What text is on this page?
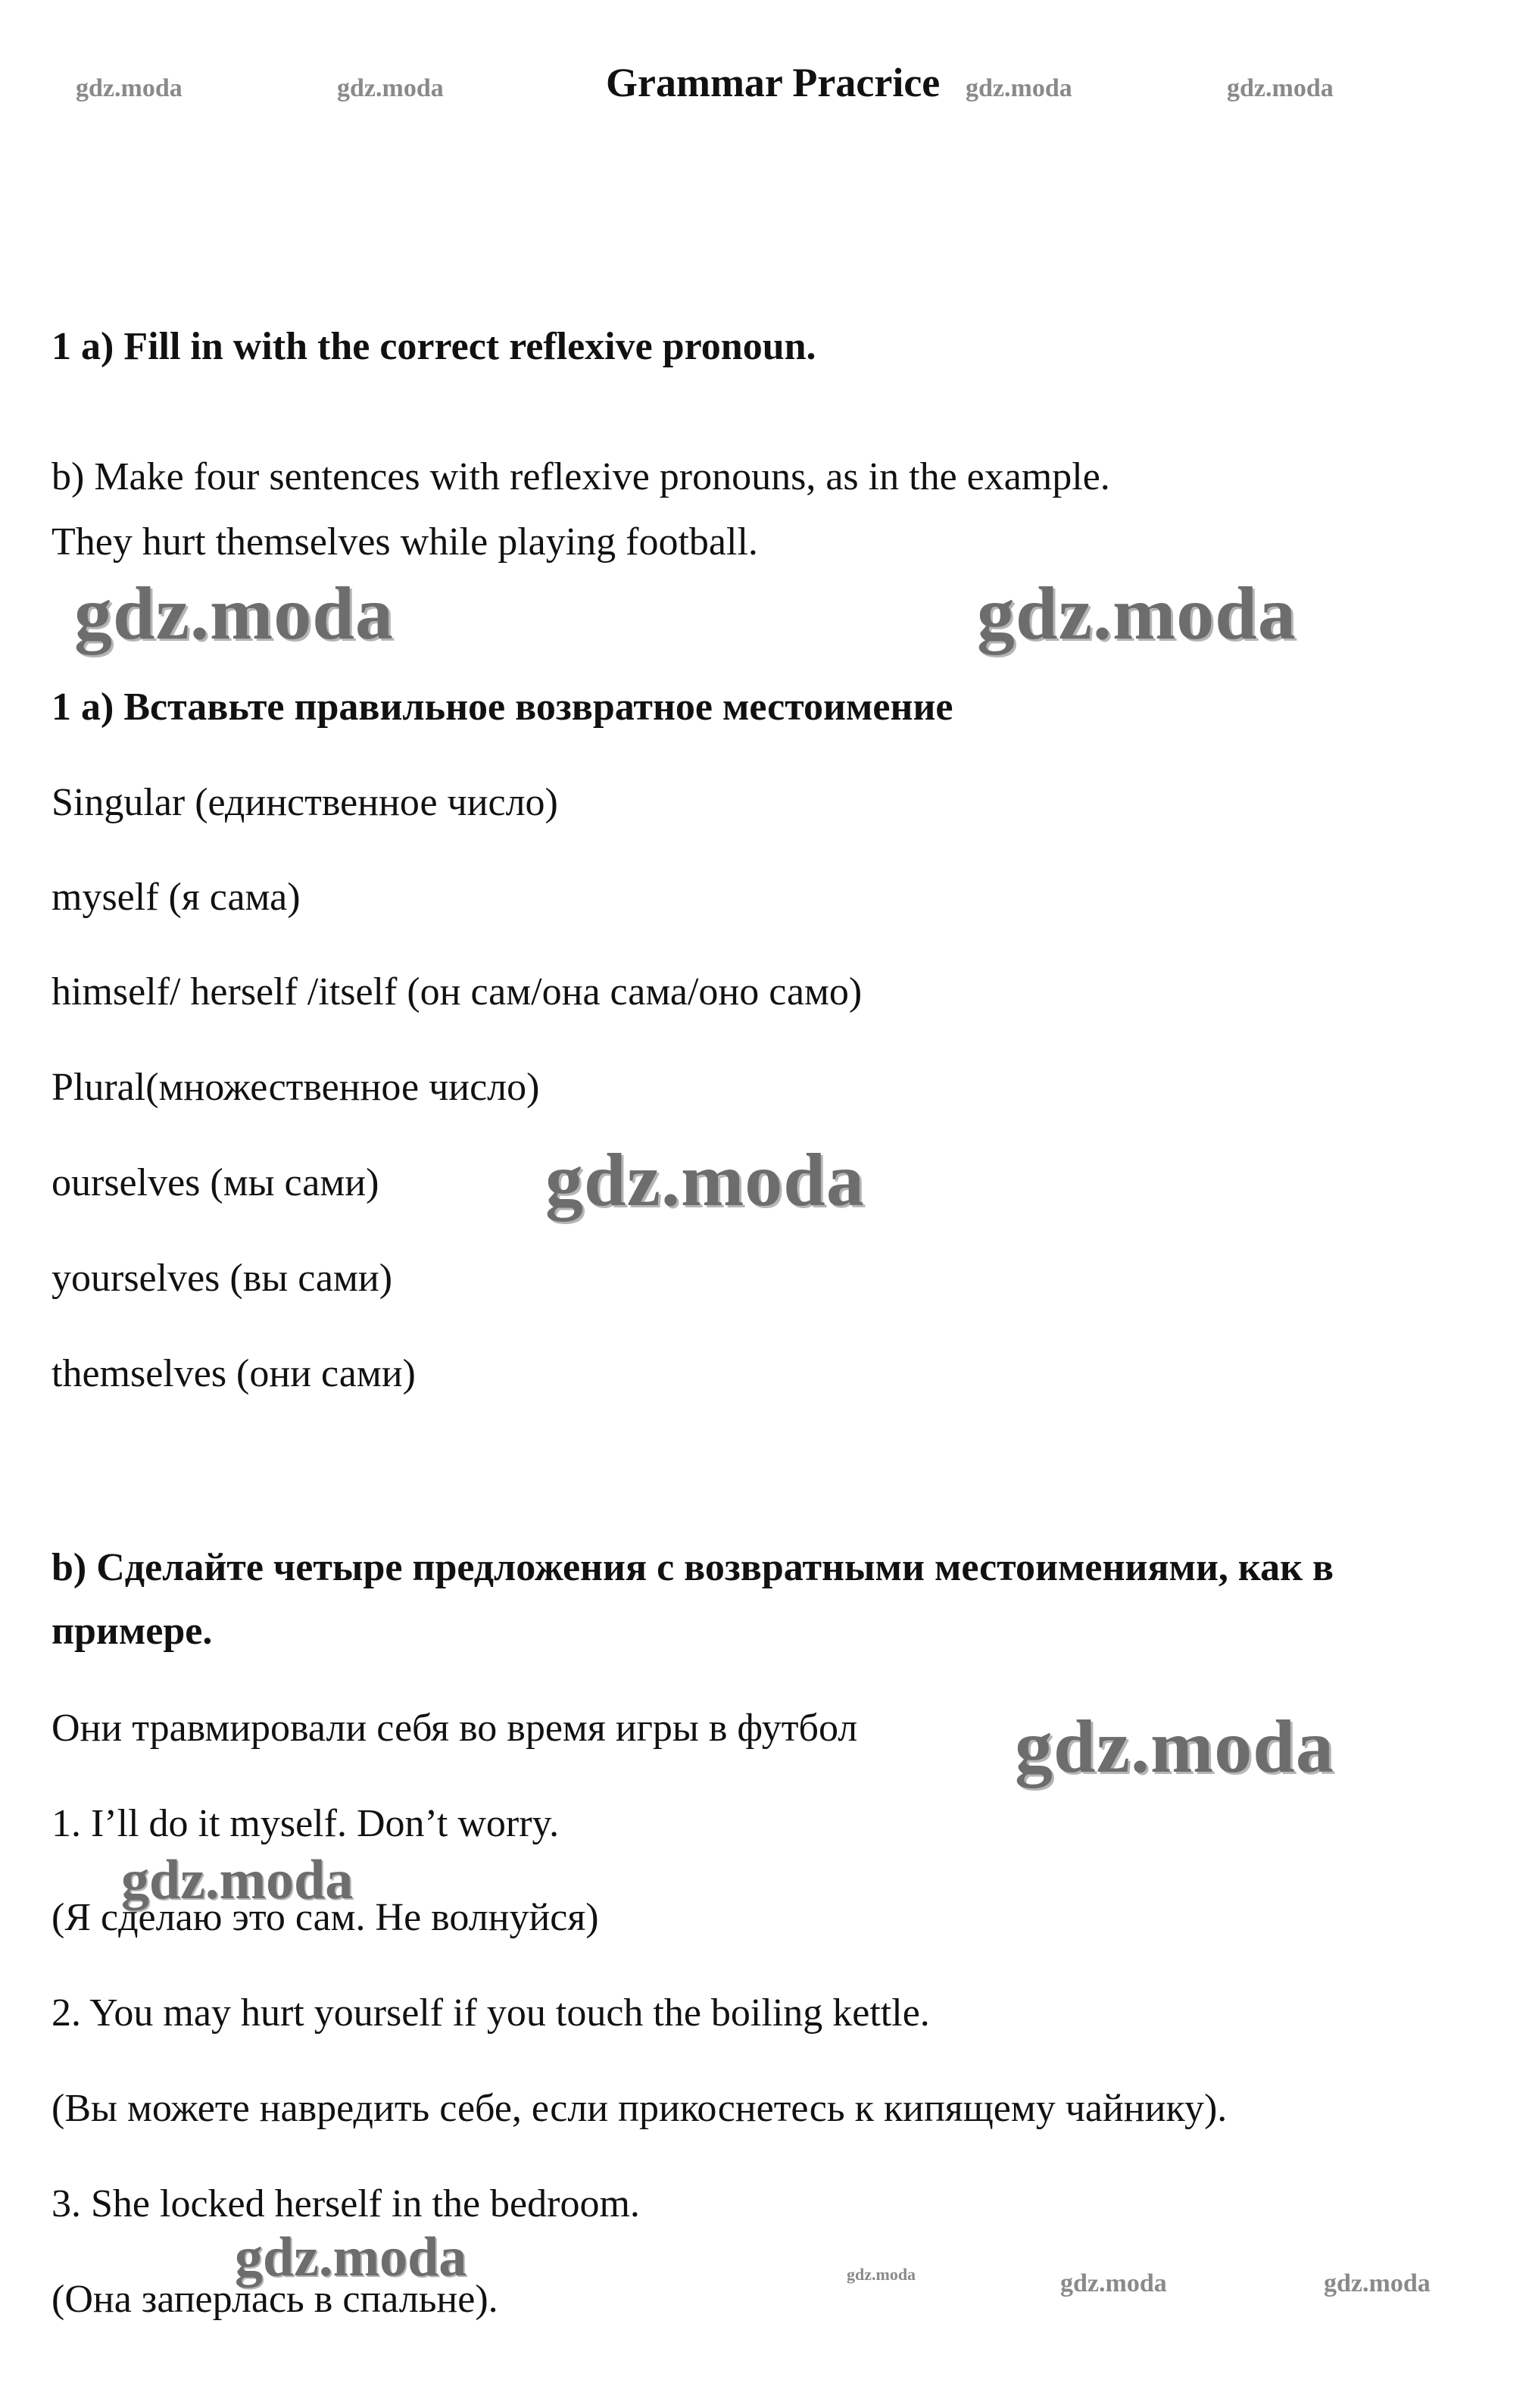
gdz.moda	gdz.moda	Grammar Pracrice gdz.moda	gdz.moda
1 a) Fill in with the correct reflexive pronoun.
b) Make four sentences with reflexive pronouns, as in the example.
They hurt themselves while playing football.
gdz.moda	gdz.moda
1 а) Вставьте правильное возвратное местоимение
Singular (единственное число)
myself (я сама)
himself/ herself /itself (он сам/она сама/оно само)
Plural(множественное число)
ourselves (мы сами) gdz.moda
yourselves (вы сами)
themselves (они сами)
b) Сделайте четыре предложения с возвратными местоимениями, как в
примере.
Они травмировали себя во время игры в футбол gdz.moda
1. I’ll do it myself. Don’t worry.
gdz.moda
(Я сделаю это сам. Не волнуйся)
2. You may hurt yourself if you touch the boiling kettle.
(Вы можете навредить себе, если прикоснетесь к кипящему чайнику).
3. She locked herself in the bedroom.
gdz.moda
(Она заперлась в спальне).
gdz.moda	gdz.moda	gdz.moda
